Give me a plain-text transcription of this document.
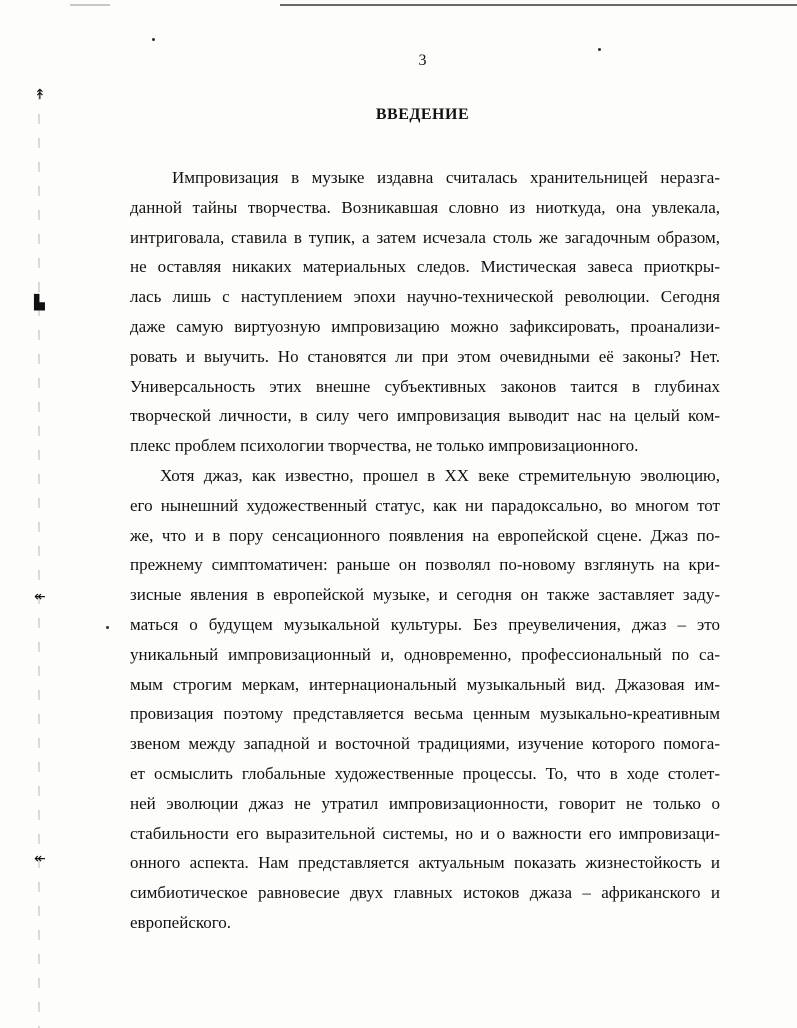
↟
▙
↞
↞
3
ВВЕДЕНИЕ

Импровизация в музыке издавна считалась хранительницей неразга-
данной тайны творчества. Возникавшая словно из ниоткуда, она увлекала,
интриговала, ставила в тупик, а затем исчезала столь же загадочным образом,
не оставляя никаких материальных следов. Мистическая завеса приоткры-
лась лишь с наступлением эпохи научно-технической революции. Сегодня
даже самую виртуозную импровизацию можно зафиксировать, проанализи-
ровать и выучить. Но становятся ли при этом очевидными её законы? Нет.
Универсальность этих внешне субъективных законов таится в глубинах
творческой личности, в силу чего импровизация выводит нас на целый ком-
плекс проблем психологии творчества, не только импровизационного.

Хотя джаз, как известно, прошел в XX веке стремительную эволюцию,
его нынешний художественный статус, как ни парадоксально, во многом тот
же, что и в пору сенсационного появления на европейской сцене. Джаз по-
прежнему симптоматичен: раньше он позволял по-новому взглянуть на кри-
зисные явления в европейской музыке, и сегодня он также заставляет заду-
маться о будущем музыкальной культуры. Без преувеличения, джаз – это
уникальный импровизационный и, одновременно, профессиональный по са-
мым строгим меркам, интернациональный музыкальный вид. Джазовая им-
провизация поэтому представляется весьма ценным музыкально-креативным
звеном между западной и восточной традициями, изучение которого помога-
ет осмыслить глобальные художественные процессы. То, что в ходе столет-
ней эволюции джаз не утратил импровизационности, говорит не только о
стабильности его выразительной системы, но и о важности его импровизаци-
онного аспекта. Нам представляется актуальным показать жизнестойкость и
симбиотическое равновесие двух главных истоков джаза – африканского и
европейского.
